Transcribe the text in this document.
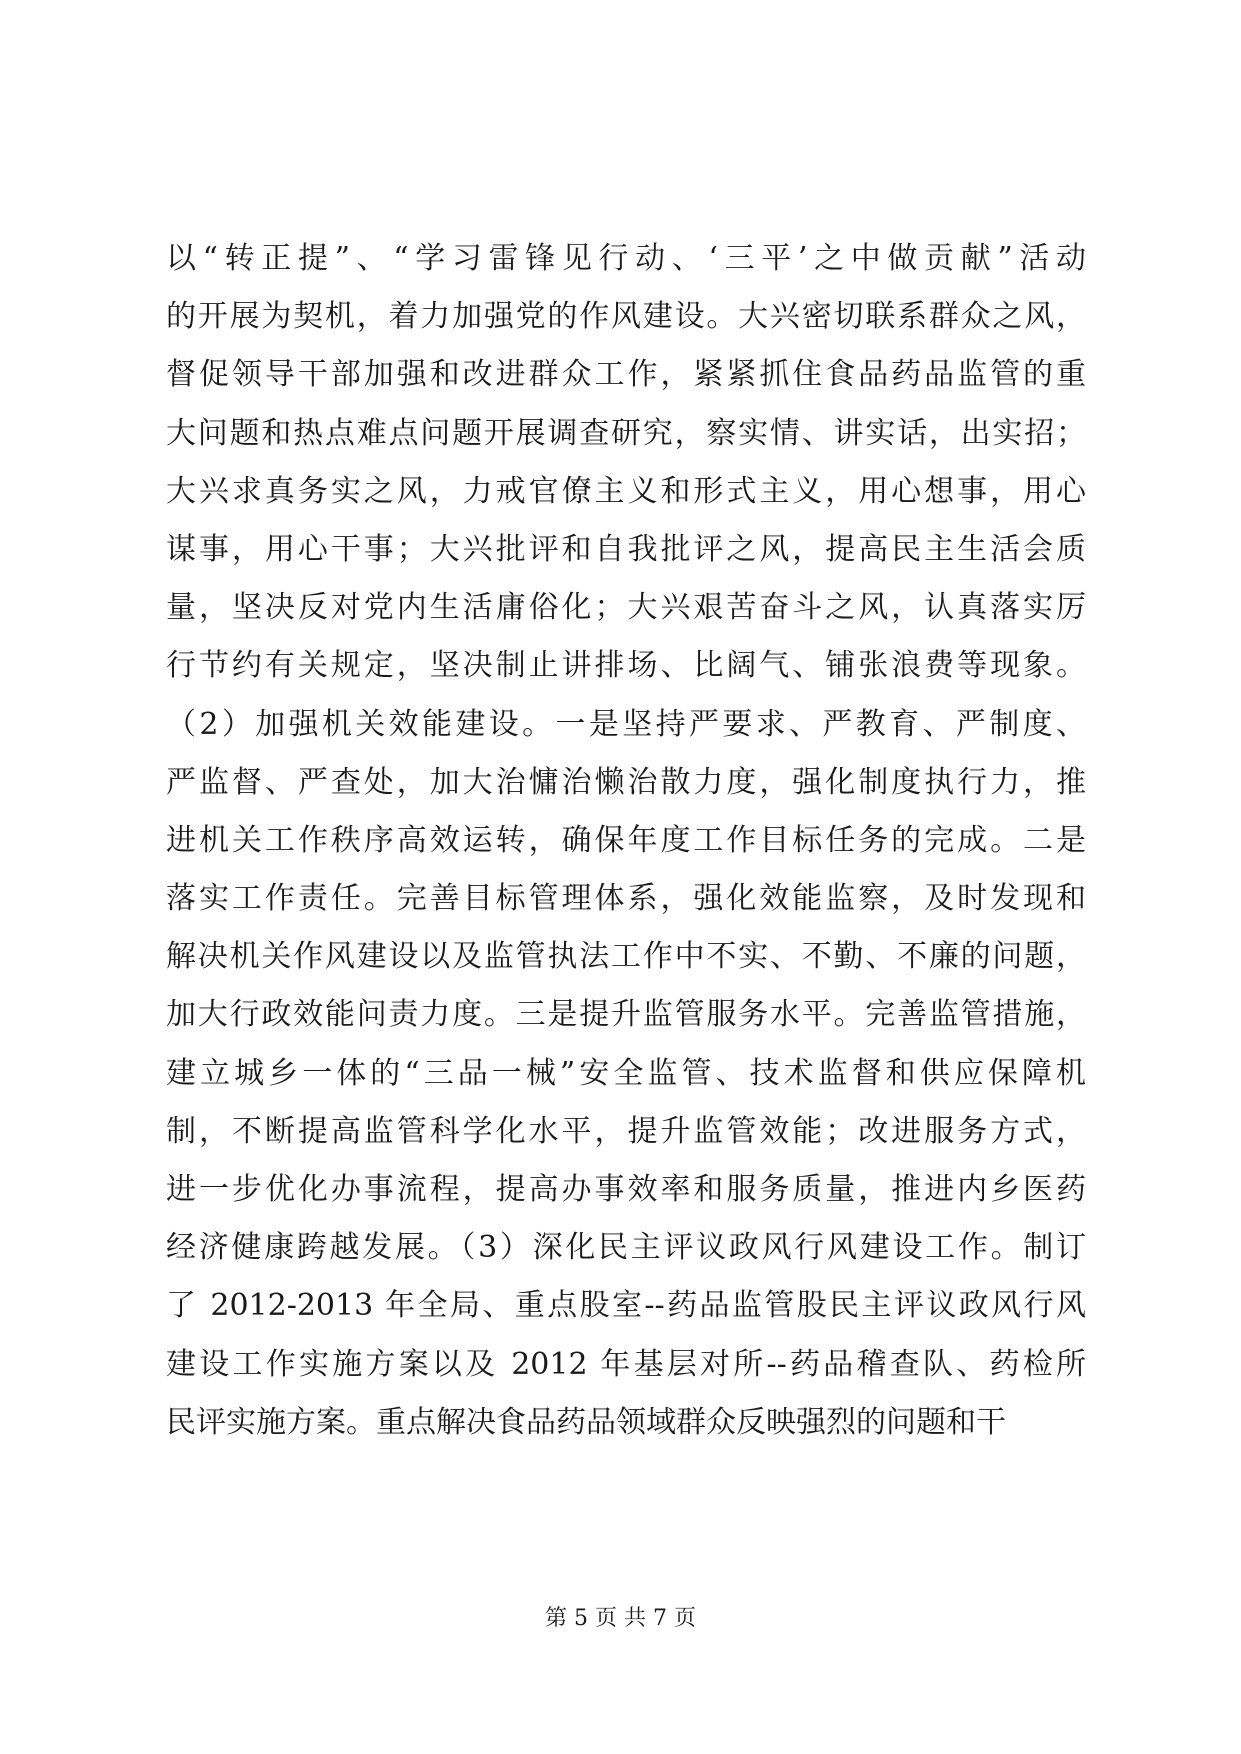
以“转正提”、“学习雷锋见行动、‘三平’之中做贡献”活动
的开展为契机，着力加强党的作风建设。大兴密切联系群众之风，
督促领导干部加强和改进群众工作，紧紧抓住食品药品监管的重
大问题和热点难点问题开展调查研究，察实情、讲实话，出实招；
大兴求真务实之风，力戒官僚主义和形式主义，用心想事，用心
谋事，用心干事；大兴批评和自我批评之风，提高民主生活会质
量，坚决反对党内生活庸俗化；大兴艰苦奋斗之风，认真落实厉
行节约有关规定，坚决制止讲排场、比阔气、铺张浪费等现象。
（2）加强机关效能建设。一是坚持严要求、严教育、严制度、
严监督、严查处，加大治慵治懒治散力度，强化制度执行力，推
进机关工作秩序高效运转，确保年度工作目标任务的完成。二是
落实工作责任。完善目标管理体系，强化效能监察，及时发现和
解决机关作风建设以及监管执法工作中不实、不勤、不廉的问题，
加大行政效能问责力度。三是提升监管服务水平。完善监管措施，
建立城乡一体的“三品一械”安全监管、技术监督和供应保障机
制，不断提高监管科学化水平，提升监管效能；改进服务方式，
进一步优化办事流程，提高办事效率和服务质量，推进内乡医药
经济健康跨越发展。（3）深化民主评议政风行风建设工作。制订
了 2012-2013 年全局、重点股室--药品监管股民主评议政风行风
建设工作实施方案以及 2012 年基层对所--药品稽查队、药检所
民评实施方案。重点解决食品药品领域群众反映强烈的问题和干
第 5 页 共 7 页
